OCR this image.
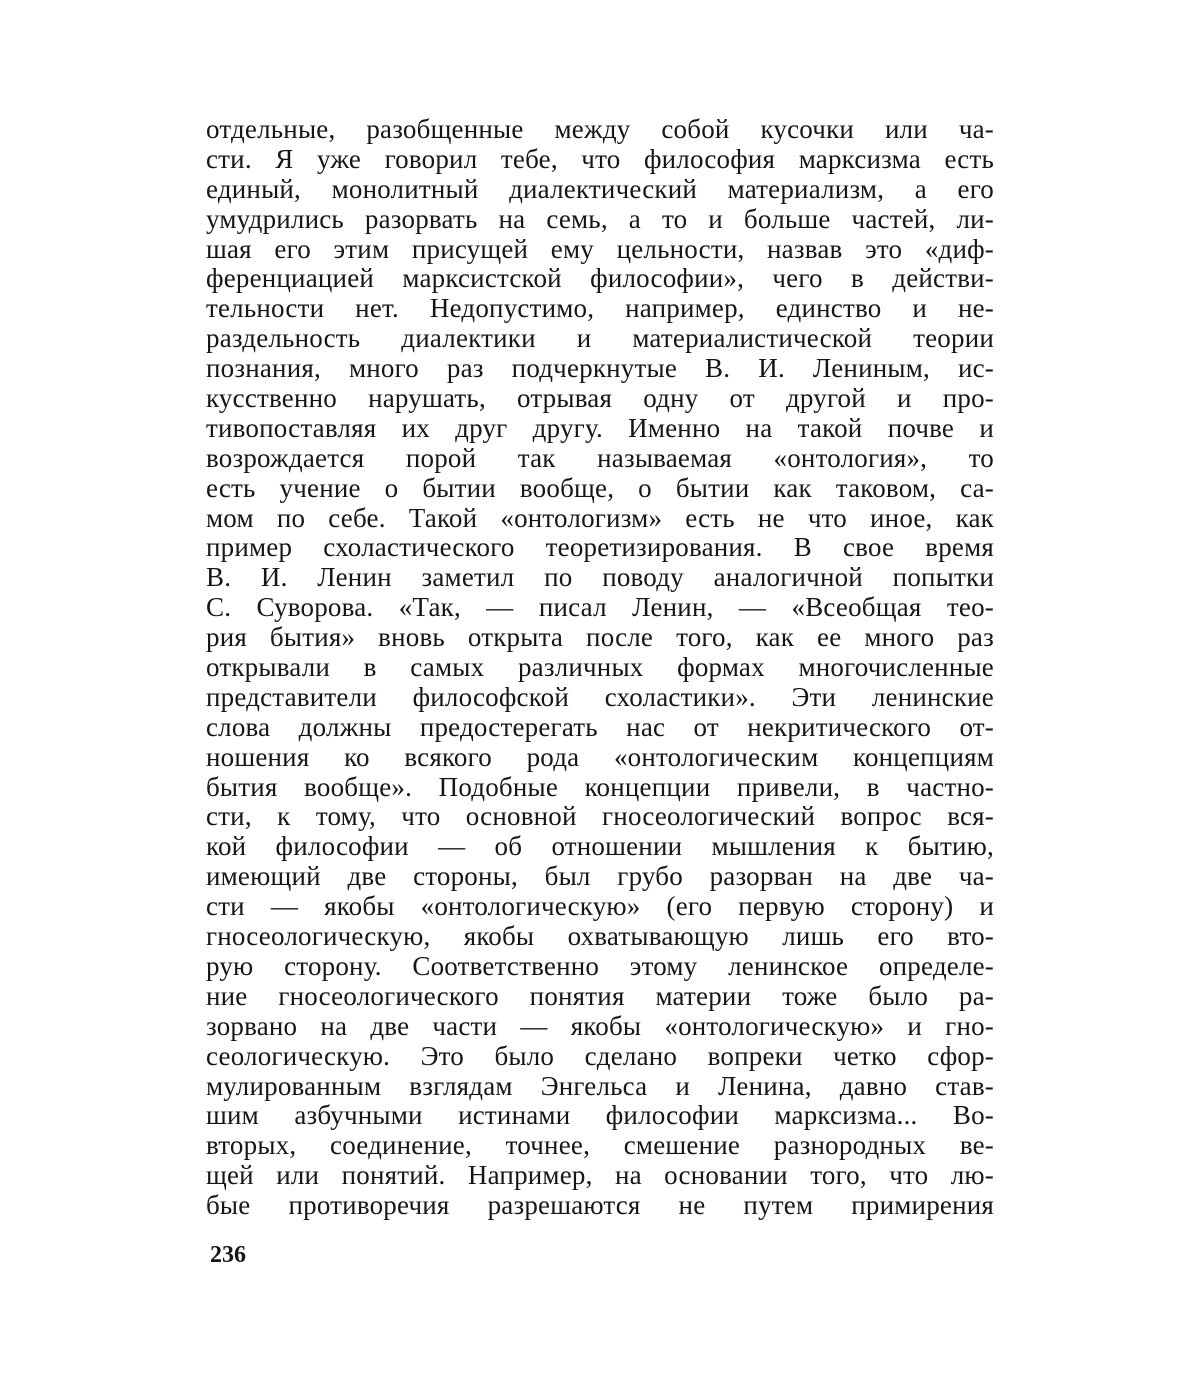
отдельные, разобщенные между собой кусочки или ча-
сти. Я уже говорил тебе, что философия марксизма есть
единый, монолитный диалектический материализм, а его
умудрились разорвать на семь, а то и больше частей, ли-
шая его этим присущей ему цельности, назвав это «диф-
ференциацией марксистской философии», чего в действи-
тельности нет. Недопустимо, например, единство и не-
раздельность диалектики и материалистической теории
познания, много раз подчеркнутые В. И. Лениным, ис-
кусственно нарушать, отрывая одну от другой и про-
тивопоставляя их друг другу. Именно на такой почве и
возрождается порой так называемая «онтология», то
есть учение о бытии вообще, о бытии как таковом, са-
мом по себе. Такой «онтологизм» есть не что иное, как
пример схоластического теоретизирования. В свое время
В. И. Ленин заметил по поводу аналогичной попытки
С. Суворова. «Так, — писал Ленин, — «Всеобщая тео-
рия бытия» вновь открыта после того, как ее много раз
открывали в самых различных формах многочисленные
представители философской схоластики». Эти ленинские
слова должны предостерегать нас от некритического от-
ношения ко всякого рода «онтологическим концепциям
бытия вообще». Подобные концепции привели, в частно-
сти, к тому, что основной гносеологический вопрос вся-
кой философии — об отношении мышления к бытию,
имеющий две стороны, был грубо разорван на две ча-
сти — якобы «онтологическую» (его первую сторону) и
гносеологическую, якобы охватывающую лишь его вто-
рую сторону. Соответственно этому ленинское определе-
ние гносеологического понятия материи тоже было ра-
зорвано на две части — якобы «онтологическую» и гно-
сеологическую. Это было сделано вопреки четко сфор-
мулированным взглядам Энгельса и Ленина, давно став-
шим азбучными истинами философии марксизма... Во-
вторых, соединение, точнее, смешение разнородных ве-
щей или понятий. Например, на основании того, что лю-
бые противоречия разрешаются не путем примирения
236
